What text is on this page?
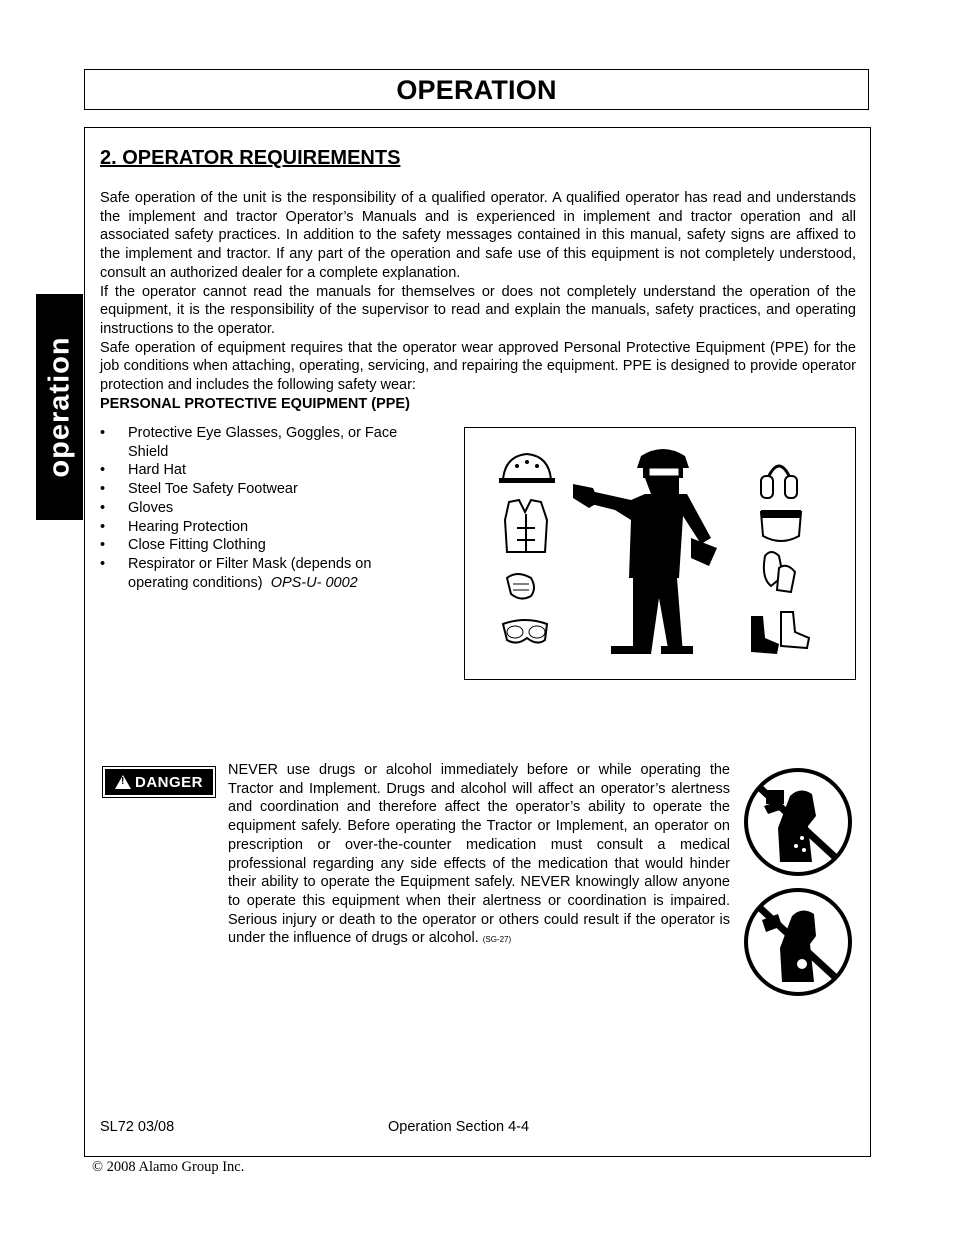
OPERATION
operation
2. OPERATOR REQUIREMENTS

Safe operation of the unit is the responsibility of a qualified operator. A qualified operator has read and understands the implement and tractor Operator’s Manuals and is experienced in implement and tractor operation and all associated safety practices. In addition to the safety messages contained in this manual, safety signs are affixed to the implement and tractor. If any part of the operation and safe use of this equipment is not completely understood, consult an authorized dealer for a complete explanation.

If the operator cannot read the manuals for themselves or does not completely understand the operation of the equipment, it is the responsibility of the supervisor to read and explain the manuals, safety practices, and operating instructions to the operator.

Safe operation of equipment requires that the operator wear approved Personal Protective Equipment (PPE) for the job conditions when attaching, operating, servicing, and repairing the equipment. PPE is designed to provide operator protection and includes the following safety wear:

PERSONAL PROTECTIVE EQUIPMENT (PPE)
• Protective Eye Glasses, Goggles, or Face Shield
• Hard Hat
• Steel Toe Safety Footwear
• Gloves
• Hearing Protection
• Close Fitting Clothing
• Respirator or Filter Mask (depends on operating conditions) OPS-U- 0002
!
DANGER
NEVER use drugs or alcohol immediately before or while operating the Tractor and Implement. Drugs and alcohol will affect an operator’s alertness and coordination and therefore affect the operator’s ability to operate the equipment safely. Before operating the Tractor or Implement, an operator on prescription or over-the-counter medication must consult a medical professional regarding any side effects of the medication that would hinder their ability to operate the Equipment safely. NEVER knowingly allow anyone to operate this equipment when their alertness or coordination is impaired. Serious injury or death to the operator or others could result if the operator is under the influence of drugs or alcohol. (SG-27)
SL72 03/08	Operation Section 4-4
© 2008 Alamo Group Inc.
